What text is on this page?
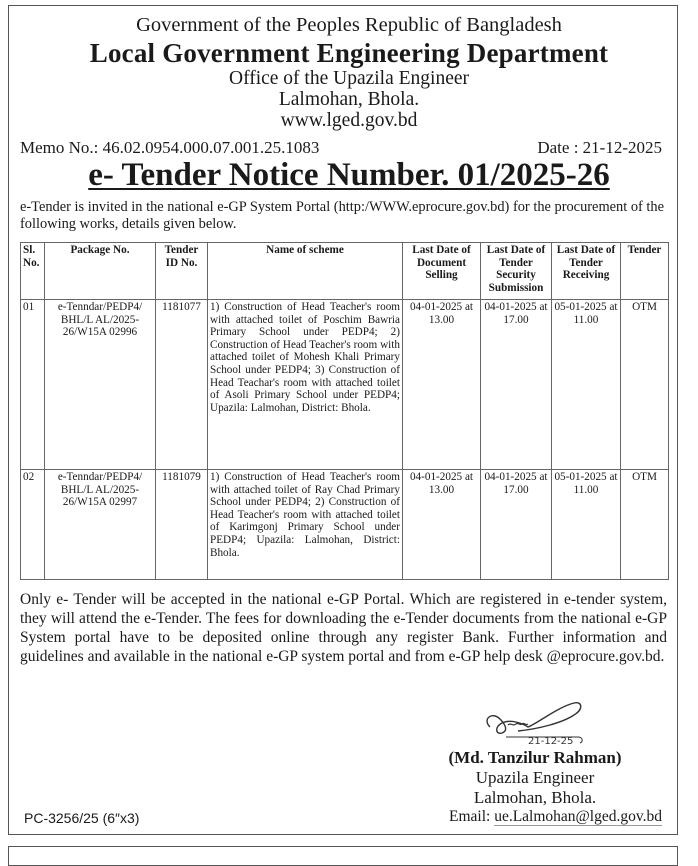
Government of the Peoples Republic of Bangladesh
Local Government Engineering Department
Office of the Upazila Engineer
Lalmohan, Bhola.
www.lged.gov.bd
Memo No.: 46.02.0954.000.07.001.25.1083	Date : 21-12-2025
e- Tender Notice Number. 01/2025-26
e-Tender is invited in the national e-GP System Portal (http:/WWW.eprocure.gov.bd) for the procurement of the following works, details given below.
Sl. No.	Package No.	Tender ID No.	Name of scheme	Last Date of Document Selling	Last Date of Tender Security Submission	Last Date of Tender Receiving	Tender
01	e-Tenndar/PEDP4/ BHL/L AL/2025-26/W15A 02996	1181077	1) Construction of Head Teacher's room with attached toilet of Poschim Bawria Primary School under PEDP4; 2) Construction of Head Teacher's room with attached toilet of Mohesh Khali Primary School under PEDP4; 3) Construction of Head Teachar's room with attached toilet of Asoli Primary School under PEDP4; Upazila: Lalmohan, District: Bhola.	04-01-2025 at 13.00	04-01-2025 at 17.00	05-01-2025 at 11.00	OTM
02	e-Tenndar/PEDP4/ BHL/L AL/2025-26/W15A 02997	1181079	1) Construction of Head Teacher's room with attached toilet of Ray Chad Primary School under PEDP4; 2) Construction of Head Teacher's room with attached toilet of Karimgonj Primary School under PEDP4; Upazila: Lalmohan, District: Bhola.	04-01-2025 at 13.00	04-01-2025 at 17.00	05-01-2025 at 11.00	OTM
Only e- Tender will be accepted in the national e-GP Portal. Which are registered in e-tender system, they will attend the e-Tender. The fees for downloading the e-Tender documents from the national e-GP System portal have to be deposited online through any register Bank. Further information and guidelines and available in the national e-GP system portal and from e-GP help desk @eprocure.gov.bd.
21-12-25
(Md. Tanzilur Rahman)
Upazila Engineer
Lalmohan, Bhola.
Email: ue.Lalmohan@lged.gov.bd
PC-3256/25 (6″x3)
